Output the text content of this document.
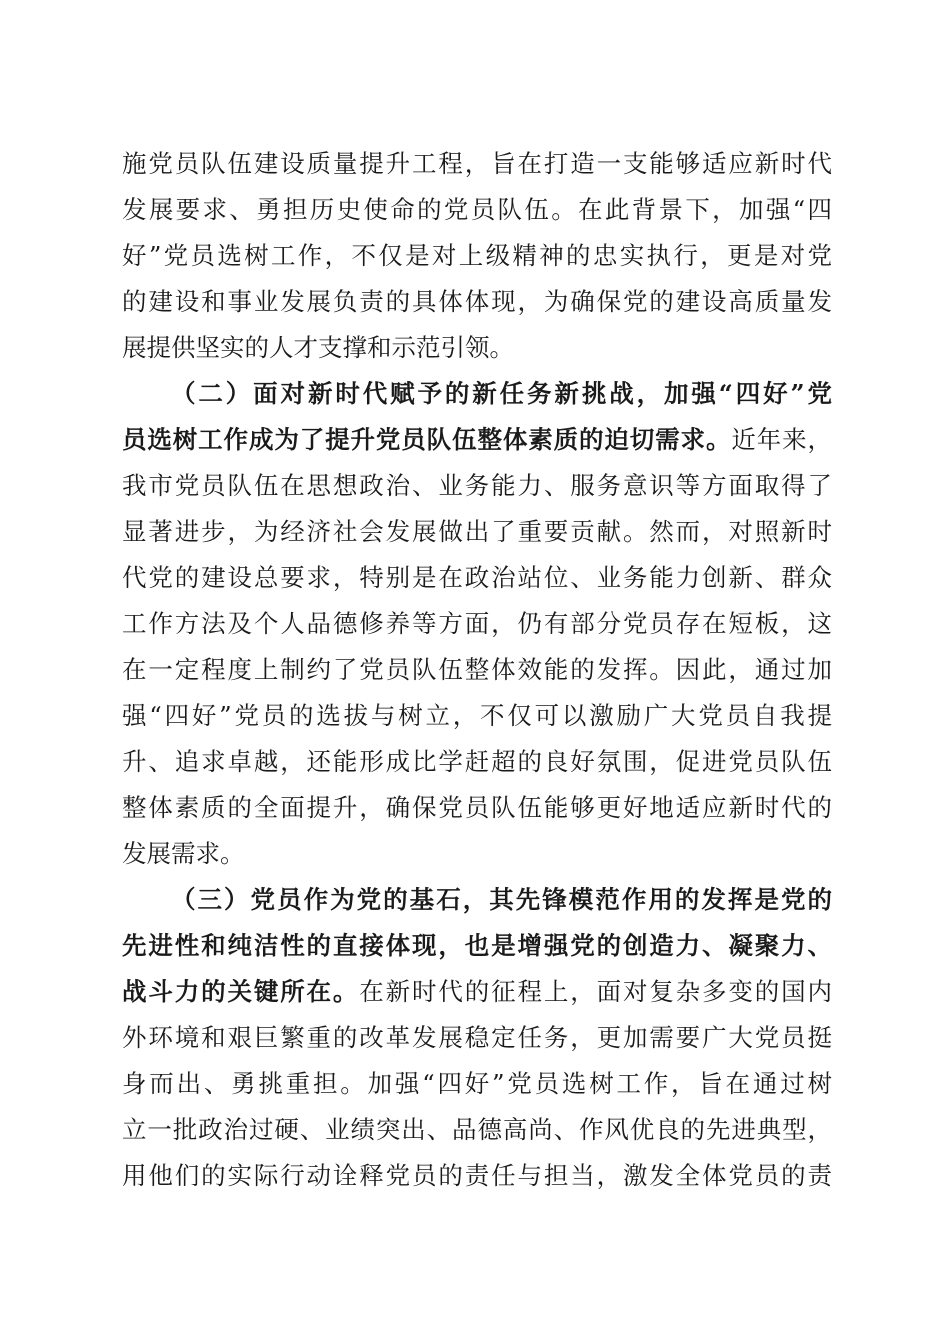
施党员队伍建设质量提升工程，旨在打造一支能够适应新时代
发展要求、勇担历史使命的党员队伍。在此背景下，加强“四
好”党员选树工作，不仅是对上级精神的忠实执行，更是对党
的建设和事业发展负责的具体体现，为确保党的建设高质量发
展提供坚实的人才支撑和示范引领。
（二）面对新时代赋予的新任务新挑战，加强“四好”党
员选树工作成为了提升党员队伍整体素质的迫切需求。近年来，
我市党员队伍在思想政治、业务能力、服务意识等方面取得了
显著进步，为经济社会发展做出了重要贡献。然而，对照新时
代党的建设总要求，特别是在政治站位、业务能力创新、群众
工作方法及个人品德修养等方面，仍有部分党员存在短板，这
在一定程度上制约了党员队伍整体效能的发挥。因此，通过加
强“四好”党员的选拔与树立，不仅可以激励广大党员自我提
升、追求卓越，还能形成比学赶超的良好氛围，促进党员队伍
整体素质的全面提升，确保党员队伍能够更好地适应新时代的
发展需求。
（三）党员作为党的基石，其先锋模范作用的发挥是党的
先进性和纯洁性的直接体现，也是增强党的创造力、凝聚力、
战斗力的关键所在。在新时代的征程上，面对复杂多变的国内
外环境和艰巨繁重的改革发展稳定任务，更加需要广大党员挺
身而出、勇挑重担。加强“四好”党员选树工作，旨在通过树
立一批政治过硬、业绩突出、品德高尚、作风优良的先进典型，
用他们的实际行动诠释党员的责任与担当，激发全体党员的责
